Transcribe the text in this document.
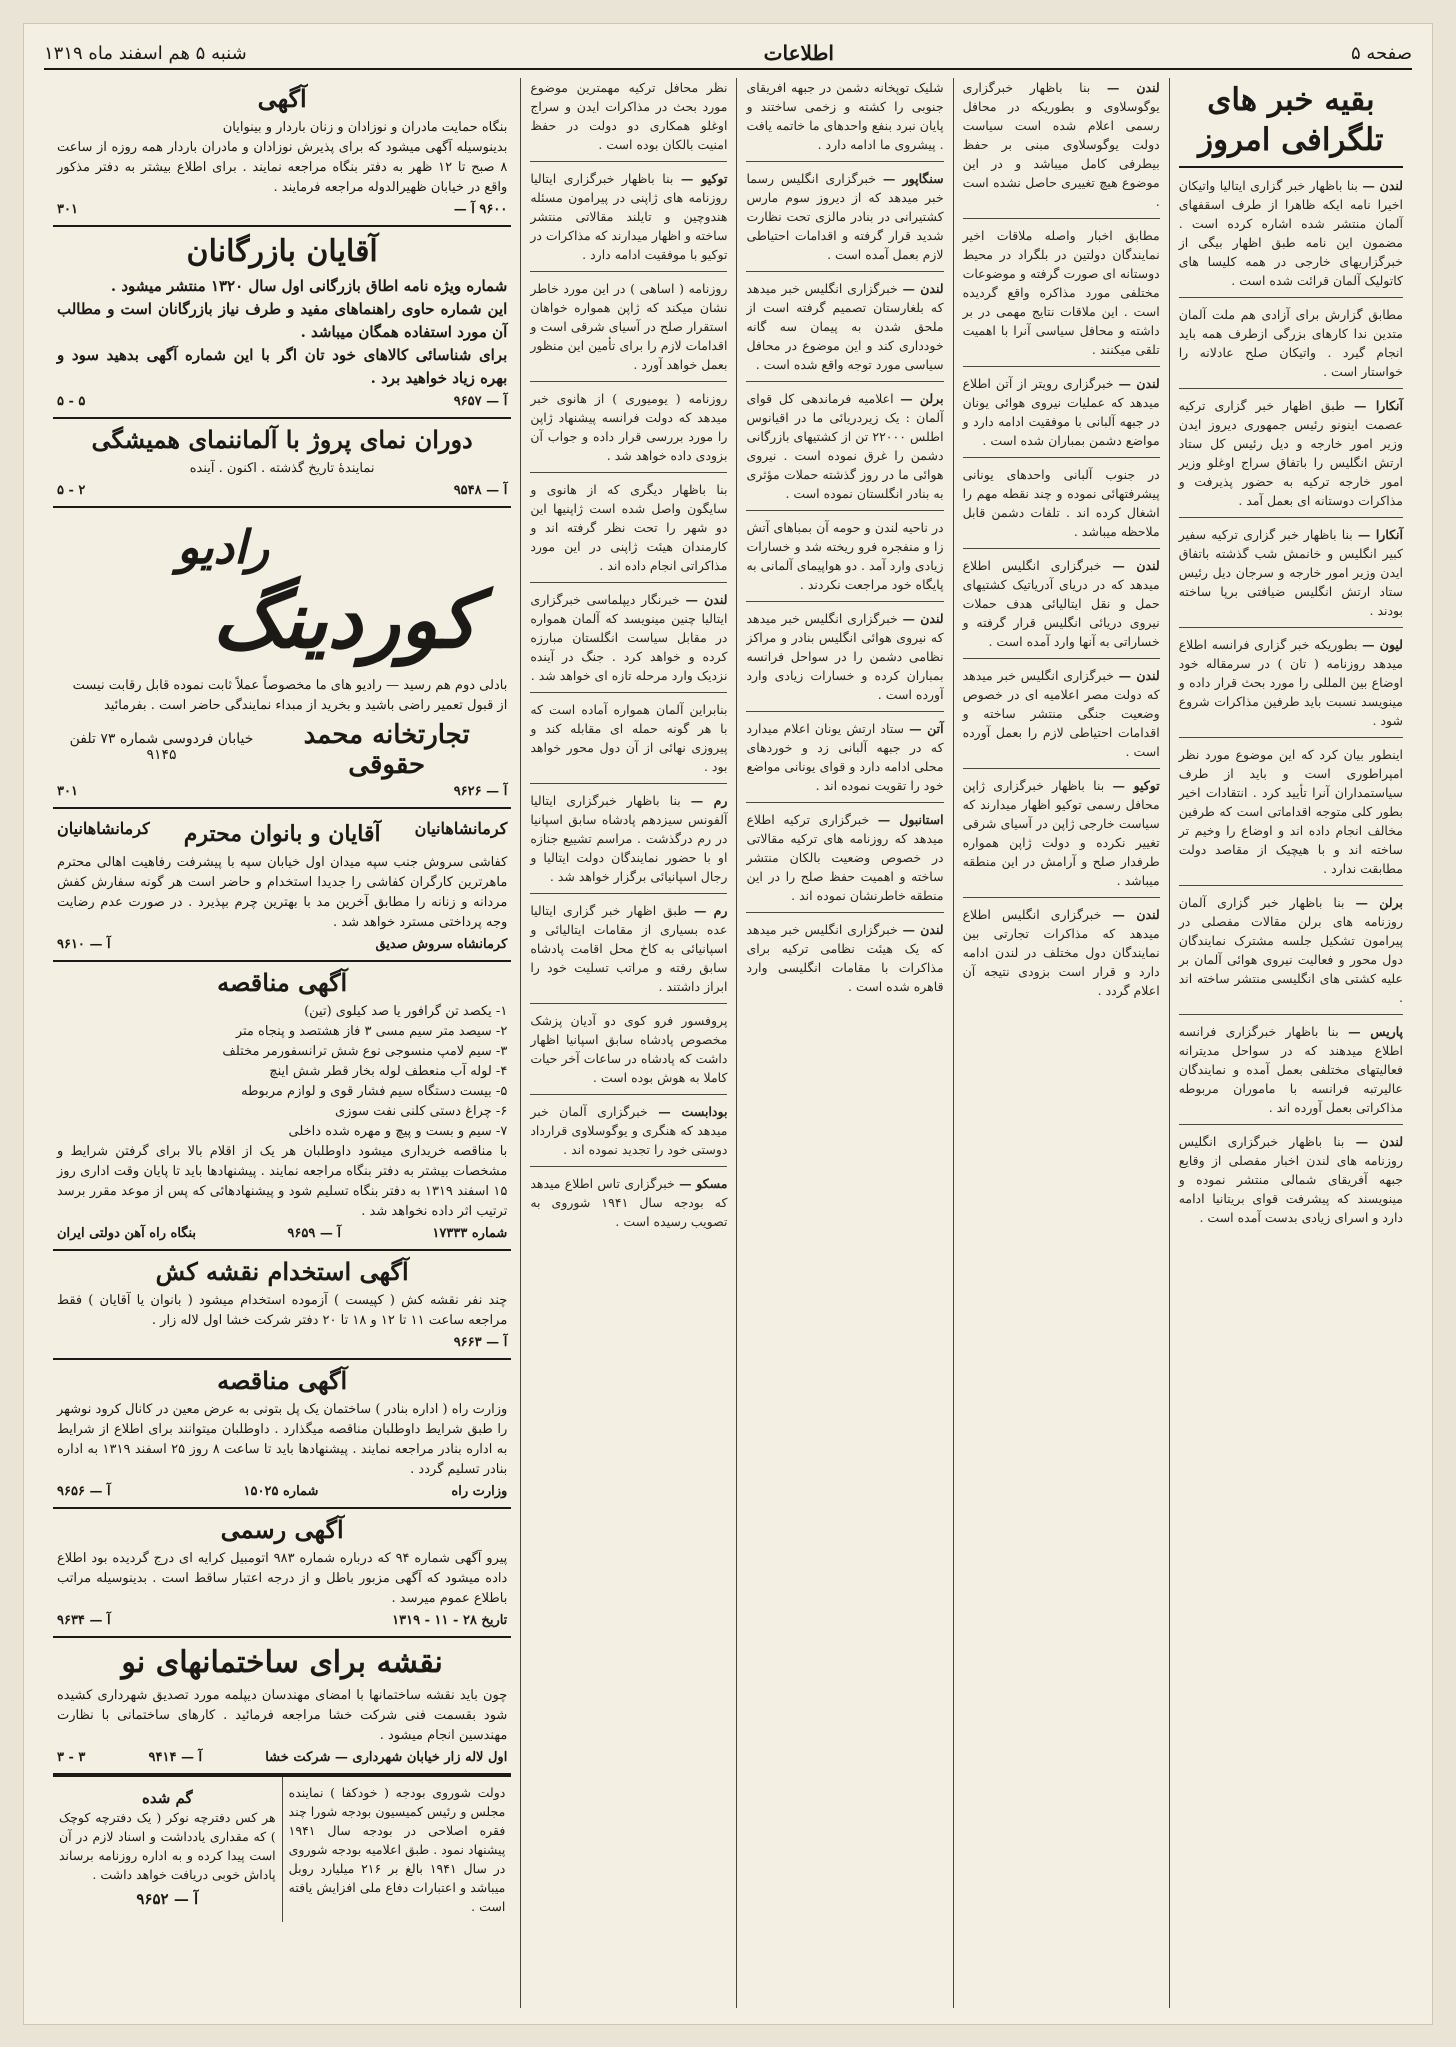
صفحه ۵
اطلاعات
شنبه ۵ هم اسفند ماه ۱۳۱۹
بقیه خبر های تلگرافی امروز
لندن — بنا باظهار خبر گزاری ایتالیا واتیکان اخیرا نامه ایکه ظاهرا از طرف اسقفهای آلمان منتشر شده اشاره کرده است . مضمون این نامه طبق اظهار بیگی از خبرگزاریهای خارجی در همه کلیسا های کاتولیک آلمان قرائت شده است .
مطابق گزارش برای آزادی هم ملت آلمان متدین ندا کارهای بزرگی ازطرف همه باید انجام گیرد . واتیکان صلح عادلانه را خواستار است .
آنکارا — طبق اظهار خبر گزاری ترکیه عصمت اینونو رئیس جمهوری دیروز ایدن وزیر امور خارجه و دیل رئیس کل ستاد ارتش انگلیس را باتفاق سراج اوغلو وزیر امور خارجه ترکیه به حضور پذیرفت و مذاکرات دوستانه ای بعمل آمد .
آنکارا — بنا باظهار خبر گزاری ترکیه سفیر کبیر انگلیس و خانمش شب گذشته باتفاق ایدن وزیر امور خارجه و سرجان دیل رئیس ستاد ارتش انگلیس ضیافتی برپا ساخته بودند .
لیون — بطوریکه خبر گزاری فرانسه اطلاع میدهد روزنامه ( تان ) در سرمقاله خود اوضاع بین المللی را مورد بحث قرار داده و مینویسد نسبت باید طرفین مذاکرات شروع شود .
اینطور بیان کرد که این موضوع مورد نظر امپراطوری است و باید از طرف سیاستمداران آنرا تأیید کرد . انتقادات اخیر بطور کلی متوجه اقداماتی است که طرفین مخالف انجام داده اند و اوضاع را وخیم تر ساخته اند و با هیچیک از مقاصد دولت مطابقت ندارد .
برلن — بنا باظهار خبر گزاری آلمان روزنامه های برلن مقالات مفصلی در پیرامون تشکیل جلسه مشترک نمایندگان دول محور و فعالیت نیروی هوائی آلمان بر علیه کشتی های انگلیسی منتشر ساخته اند .
پاریس — بنا باظهار خبرگزاری فرانسه اطلاع میدهند که در سواحل مدیترانه فعالیتهای مختلفی بعمل آمده و نمایندگان عالیرتبه فرانسه با ماموران مربوطه مذاکراتی بعمل آورده اند .
لندن — بنا باظهار خبرگزاری انگلیس روزنامه های لندن اخبار مفصلی از وقایع جبهه آفریقای شمالی منتشر نموده و مینویسند که پیشرفت قوای بریتانیا ادامه دارد و اسرای زیادی بدست آمده است .
لندن — بنا باظهار خبرگزاری یوگوسلاوی و بطوریکه در محافل رسمی اعلام شده است سیاست دولت یوگوسلاوی مبنی بر حفظ بیطرفی کامل میباشد و در این موضوع هیچ تغییری حاصل نشده است .
مطابق اخبار واصله ملاقات اخیر نمایندگان دولتین در بلگراد در محیط دوستانه ای صورت گرفته و موضوعات مختلفی مورد مذاکره واقع گردیده است . این ملاقات نتایج مهمی در بر داشته و محافل سیاسی آنرا با اهمیت تلقی میکنند .
لندن — خبرگزاری رویتر از آتن اطلاع میدهد که عملیات نیروی هوائی یونان در جبهه آلبانی با موفقیت ادامه دارد و مواضع دشمن بمباران شده است .
در جنوب آلبانی واحدهای یونانی پیشرفتهائی نموده و چند نقطه مهم را اشغال کرده اند . تلفات دشمن قابل ملاحظه میباشد .
لندن — خبرگزاری انگلیس اطلاع میدهد که در دریای آدریاتیک کشتیهای حمل و نقل ایتالیائی هدف حملات نیروی دریائی انگلیس قرار گرفته و خساراتی به آنها وارد آمده است .
لندن — خبرگزاری انگلیس خبر میدهد که دولت مصر اعلامیه ای در خصوص وضعیت جنگی منتشر ساخته و اقدامات احتیاطی لازم را بعمل آورده است .
توکیو — بنا باظهار خبرگزاری ژاپن محافل رسمی توکیو اظهار میدارند که سیاست خارجی ژاپن در آسیای شرقی تغییر نکرده و دولت ژاپن همواره طرفدار صلح و آرامش در این منطقه میباشد .
لندن — خبرگزاری انگلیس اطلاع میدهد که مذاکرات تجارتی بین نمایندگان دول مختلف در لندن ادامه دارد و قرار است بزودی نتیجه آن اعلام گردد .
شلیک توپخانه دشمن در جبهه افریقای جنوبی را کشته و زخمی ساختند و پایان نبرد بنفع واحدهای ما خاتمه یافت . پیشروی ما ادامه دارد .
سنگاپور — خبرگزاری انگلیس رسما خبر میدهد که از دیروز سوم مارس کشتیرانی در بنادر مالزی تحت نظارت شدید قرار گرفته و اقدامات احتیاطی لازم بعمل آمده است .
لندن — خبرگزاری انگلیس خبر میدهد که بلغارستان تصمیم گرفته است از ملحق شدن به پیمان سه گانه خودداری کند و این موضوع در محافل سیاسی مورد توجه واقع شده است .
برلن — اعلامیه فرماندهی کل قوای آلمان : یک زیردریائی ما در اقیانوس اطلس ۲۲۰۰۰ تن از کشتیهای بازرگانی دشمن را غرق نموده است . نیروی هوائی ما در روز گذشته حملات مؤثری به بنادر انگلستان نموده است .
در ناحیه لندن و حومه آن بمباهای آتش زا و منفجره فرو ریخته شد و خسارات زیادی وارد آمد . دو هواپیمای آلمانی به پایگاه خود مراجعت نکردند .
لندن — خبرگزاری انگلیس خبر میدهد که نیروی هوائی انگلیس بنادر و مراکز نظامی دشمن را در سواحل فرانسه بمباران کرده و خسارات زیادی وارد آورده است .
آتن — ستاد ارتش یونان اعلام میدارد که در جبهه آلبانی زد و خوردهای محلی ادامه دارد و قوای یونانی مواضع خود را تقویت نموده اند .
استانبول — خبرگزاری ترکیه اطلاع میدهد که روزنامه های ترکیه مقالاتی در خصوص وضعیت بالکان منتشر ساخته و اهمیت حفظ صلح را در این منطقه خاطرنشان نموده اند .
لندن — خبرگزاری انگلیس خبر میدهد که یک هیئت نظامی ترکیه برای مذاکرات با مقامات انگلیسی وارد قاهره شده است .
نظر محافل ترکیه مهمترین موضوع مورد بحث در مذاکرات ایدن و سراج اوغلو همکاری دو دولت در حفظ امنیت بالکان بوده است .
توکیو — بنا باظهار خبرگزاری ایتالیا روزنامه های ژاپنی در پیرامون مسئله هندوچین و تایلند مقالاتی منتشر ساخته و اظهار میدارند که مذاکرات در توکیو با موفقیت ادامه دارد .
روزنامه ( اساهی ) در این مورد خاطر نشان میکند که ژاپن همواره خواهان استقرار صلح در آسیای شرقی است و اقدامات لازم را برای تأمین این منظور بعمل خواهد آورد .
روزنامه ( یومیوری ) از هانوی خبر میدهد که دولت فرانسه پیشنهاد ژاپن را مورد بررسی قرار داده و جواب آن بزودی داده خواهد شد .
بنا باظهار دیگری که از هانوی و سایگون واصل شده است ژاپنیها این دو شهر را تحت نظر گرفته اند و کارمندان هیئت ژاپنی در این مورد مذاکراتی انجام داده اند .
لندن — خبرنگار دیپلماسی خبرگزاری ایتالیا چنین مینویسد که آلمان همواره در مقابل سیاست انگلستان مبارزه کرده و خواهد کرد . جنگ در آینده نزدیک وارد مرحله تازه ای خواهد شد .
بنابراین آلمان همواره آماده است که با هر گونه حمله ای مقابله کند و پیروزی نهائی از آن دول محور خواهد بود .
رم — بنا باظهار خبرگزاری ایتالیا آلفونس سیزدهم پادشاه سابق اسپانیا در رم درگذشت . مراسم تشییع جنازه او با حضور نمایندگان دولت ایتالیا و رجال اسپانیائی برگزار خواهد شد .
رم — طبق اظهار خبر گزاری ایتالیا عده بسیاری از مقامات ایتالیائی و اسپانیائی به کاخ محل اقامت پادشاه سابق رفته و مراتب تسلیت خود را ابراز داشتند .
پروفسور فرو کوی دو آدیان پزشک مخصوص پادشاه سابق اسپانیا اظهار داشت که پادشاه در ساعات آخر حیات کاملا به هوش بوده است .
بودابست — خبرگزاری آلمان خبر میدهد که هنگری و یوگوسلاوی قرارداد دوستی خود را تجدید نموده اند .
مسکو — خبرگزاری تاس اطلاع میدهد که بودجه سال ۱۹۴۱ شوروی به تصویب رسیده است .
آگهی
بنگاه حمایت مادران و نوزادان و زنان باردار و بینوایان
بدینوسیله آگهی میشود که برای پذیرش نوزادان و مادران باردار همه روزه از ساعت ۸ صبح تا ۱۲ ظهر به دفتر بنگاه مراجعه نمایند . برای اطلاع بیشتر به دفتر مذکور واقع در خیابان ظهیرالدوله مراجعه فرمایند .
۹۶۰۰ آ —
۳۰۱
آقایان بازرگانان
شماره ویژه نامه اطاق بازرگانی اول سال ۱۳۲۰ منتشر میشود .
این شماره حاوی راهنماهای مفید و طرف نیاز بازرگانان است و مطالب آن مورد استفاده همگان میباشد .
برای شناسائی کالاهای خود تان اگر با این شماره آگهی بدهید سود و بهره زیاد خواهید برد .
آ — ۹۶۵۷
۵ - ۵
دوران نمای پروژ با آلماننمای همیشگی
نمایندهٔ تاریخ گذشته . اکنون . آینده
آ — ۹۵۴۸
۲ - ۵
رادیو
کوردینگ
بادلی دوم هم رسید — رادیو های ما مخصوصاً عملاً ثابت نموده قابل رقابت نیست
از قبول تعمیر راضی باشید و بخرید از مبداء نمایندگی حاضر است . بفرمائید
تجارتخانه محمد حقوقی
خیابان فردوسی شماره ۷۳ تلفن ۹۱۴۵
آ — ۹۶۲۶
۳۰۱
کرمانشاهانیان
آقایان و بانوان محترم
کرمانشاهانیان
کفاشی سروش جنب سپه میدان اول خیابان سپه با پیشرفت رفاهیت اهالی محترم ماهرترین کارگران کفاشی را جدیدا استخدام و حاضر است هر گونه سفارش کفش مردانه و زنانه را مطابق آخرین مد با بهترین چرم بپذیرد . در صورت عدم رضایت وجه پرداختی مسترد خواهد شد .
کرمانشاه سروش صدیق
آ — ۹۶۱۰
آگهی مناقصه
۱- یکصد تن گرافور یا صد کیلوی (تین)
۲- سیصد متر سیم مسی ۳ فاز هشتصد و پنجاه متر
۳- سیم لامپ منسوجی نوع شش ترانسفورمر مختلف
۴- لوله آب منعطف لوله بخار قطر شش اینچ
۵- بیست دستگاه سیم فشار قوی و لوازم مربوطه
۶- چراغ دستی کلنی نفت سوزی
۷- سیم و بست و پیچ و مهره شده داخلی
با مناقصه خریداری میشود داوطلبان هر یک از اقلام بالا برای گرفتن شرایط و مشخصات بیشتر به دفتر بنگاه مراجعه نمایند . پیشنهادها باید تا پایان وقت اداری روز ۱۵ اسفند ۱۳۱۹ به دفتر بنگاه تسلیم شود و پیشنهادهائی که پس از موعد مقرر برسد ترتیب اثر داده نخواهد شد .
شماره ۱۷۳۳۳
آ — ۹۶۵۹
بنگاه راه آهن دولتی ایران
آگهی استخدام نقشه کش
چند نفر نقشه کش ( کپیست ) آزموده استخدام میشود ( بانوان یا آقایان ) فقط مراجعه ساعت ۱۱ تا ۱۲ و ۱۸ تا ۲۰ دفتر شرکت خشا اول لاله زار .
آ — ۹۶۶۳
آگهی مناقصه
وزارت راه ( اداره بنادر ) ساختمان یک پل بتونی به عرض معین در کانال کرود نوشهر را طبق شرایط داوطلبان مناقصه میگذارد . داوطلبان میتوانند برای اطلاع از شرایط به اداره بنادر مراجعه نمایند . پیشنهادها باید تا ساعت ۸ روز ۲۵ اسفند ۱۳۱۹ به اداره بنادر تسلیم گردد .
وزارت راه
شماره ۱۵۰۲۵
آ — ۹۶۵۶
آگهی رسمی
پیرو آگهی شماره ۹۴ که درباره شماره ۹۸۳ اتومبیل کرایه ای درج گردیده بود اطلاع داده میشود که آگهی مزبور باطل و از درجه اعتبار ساقط است . بدینوسیله مراتب باطلاع عموم میرسد .
تاریخ ۲۸ - ۱۱ - ۱۳۱۹
آ — ۹۶۳۴
نقشه برای ساختمانهای نو
چون باید نقشه ساختمانها با امضای مهندسان دیپلمه مورد تصدیق شهرداری کشیده شود بقسمت فنی شرکت خشا مراجعه فرمائید . کارهای ساختمانی با نظارت مهندسین انجام میشود .
اول لاله زار خیابان شهرداری — شرکت خشا
آ — ۹۴۱۴
۳ - ۳
دولت شوروی بودجه ( خودکفا ) نماینده مجلس و رئیس کمیسیون بودجه شورا چند فقره اصلاحی در بودجه سال ۱۹۴۱ پیشنهاد نمود . طبق اعلامیه بودجه شوروی در سال ۱۹۴۱ بالغ بر ۲۱۶ میلیارد روبل میباشد و اعتبارات دفاع ملی افزایش یافته است .
گم شده
هر کس دفترچه نوکر ( یک دفترچه کوچک ) که مقداری یادداشت و اسناد لازم در آن است پیدا کرده و به اداره روزنامه برساند پاداش خوبی دریافت خواهد داشت .
آ — ۹۶۵۲
